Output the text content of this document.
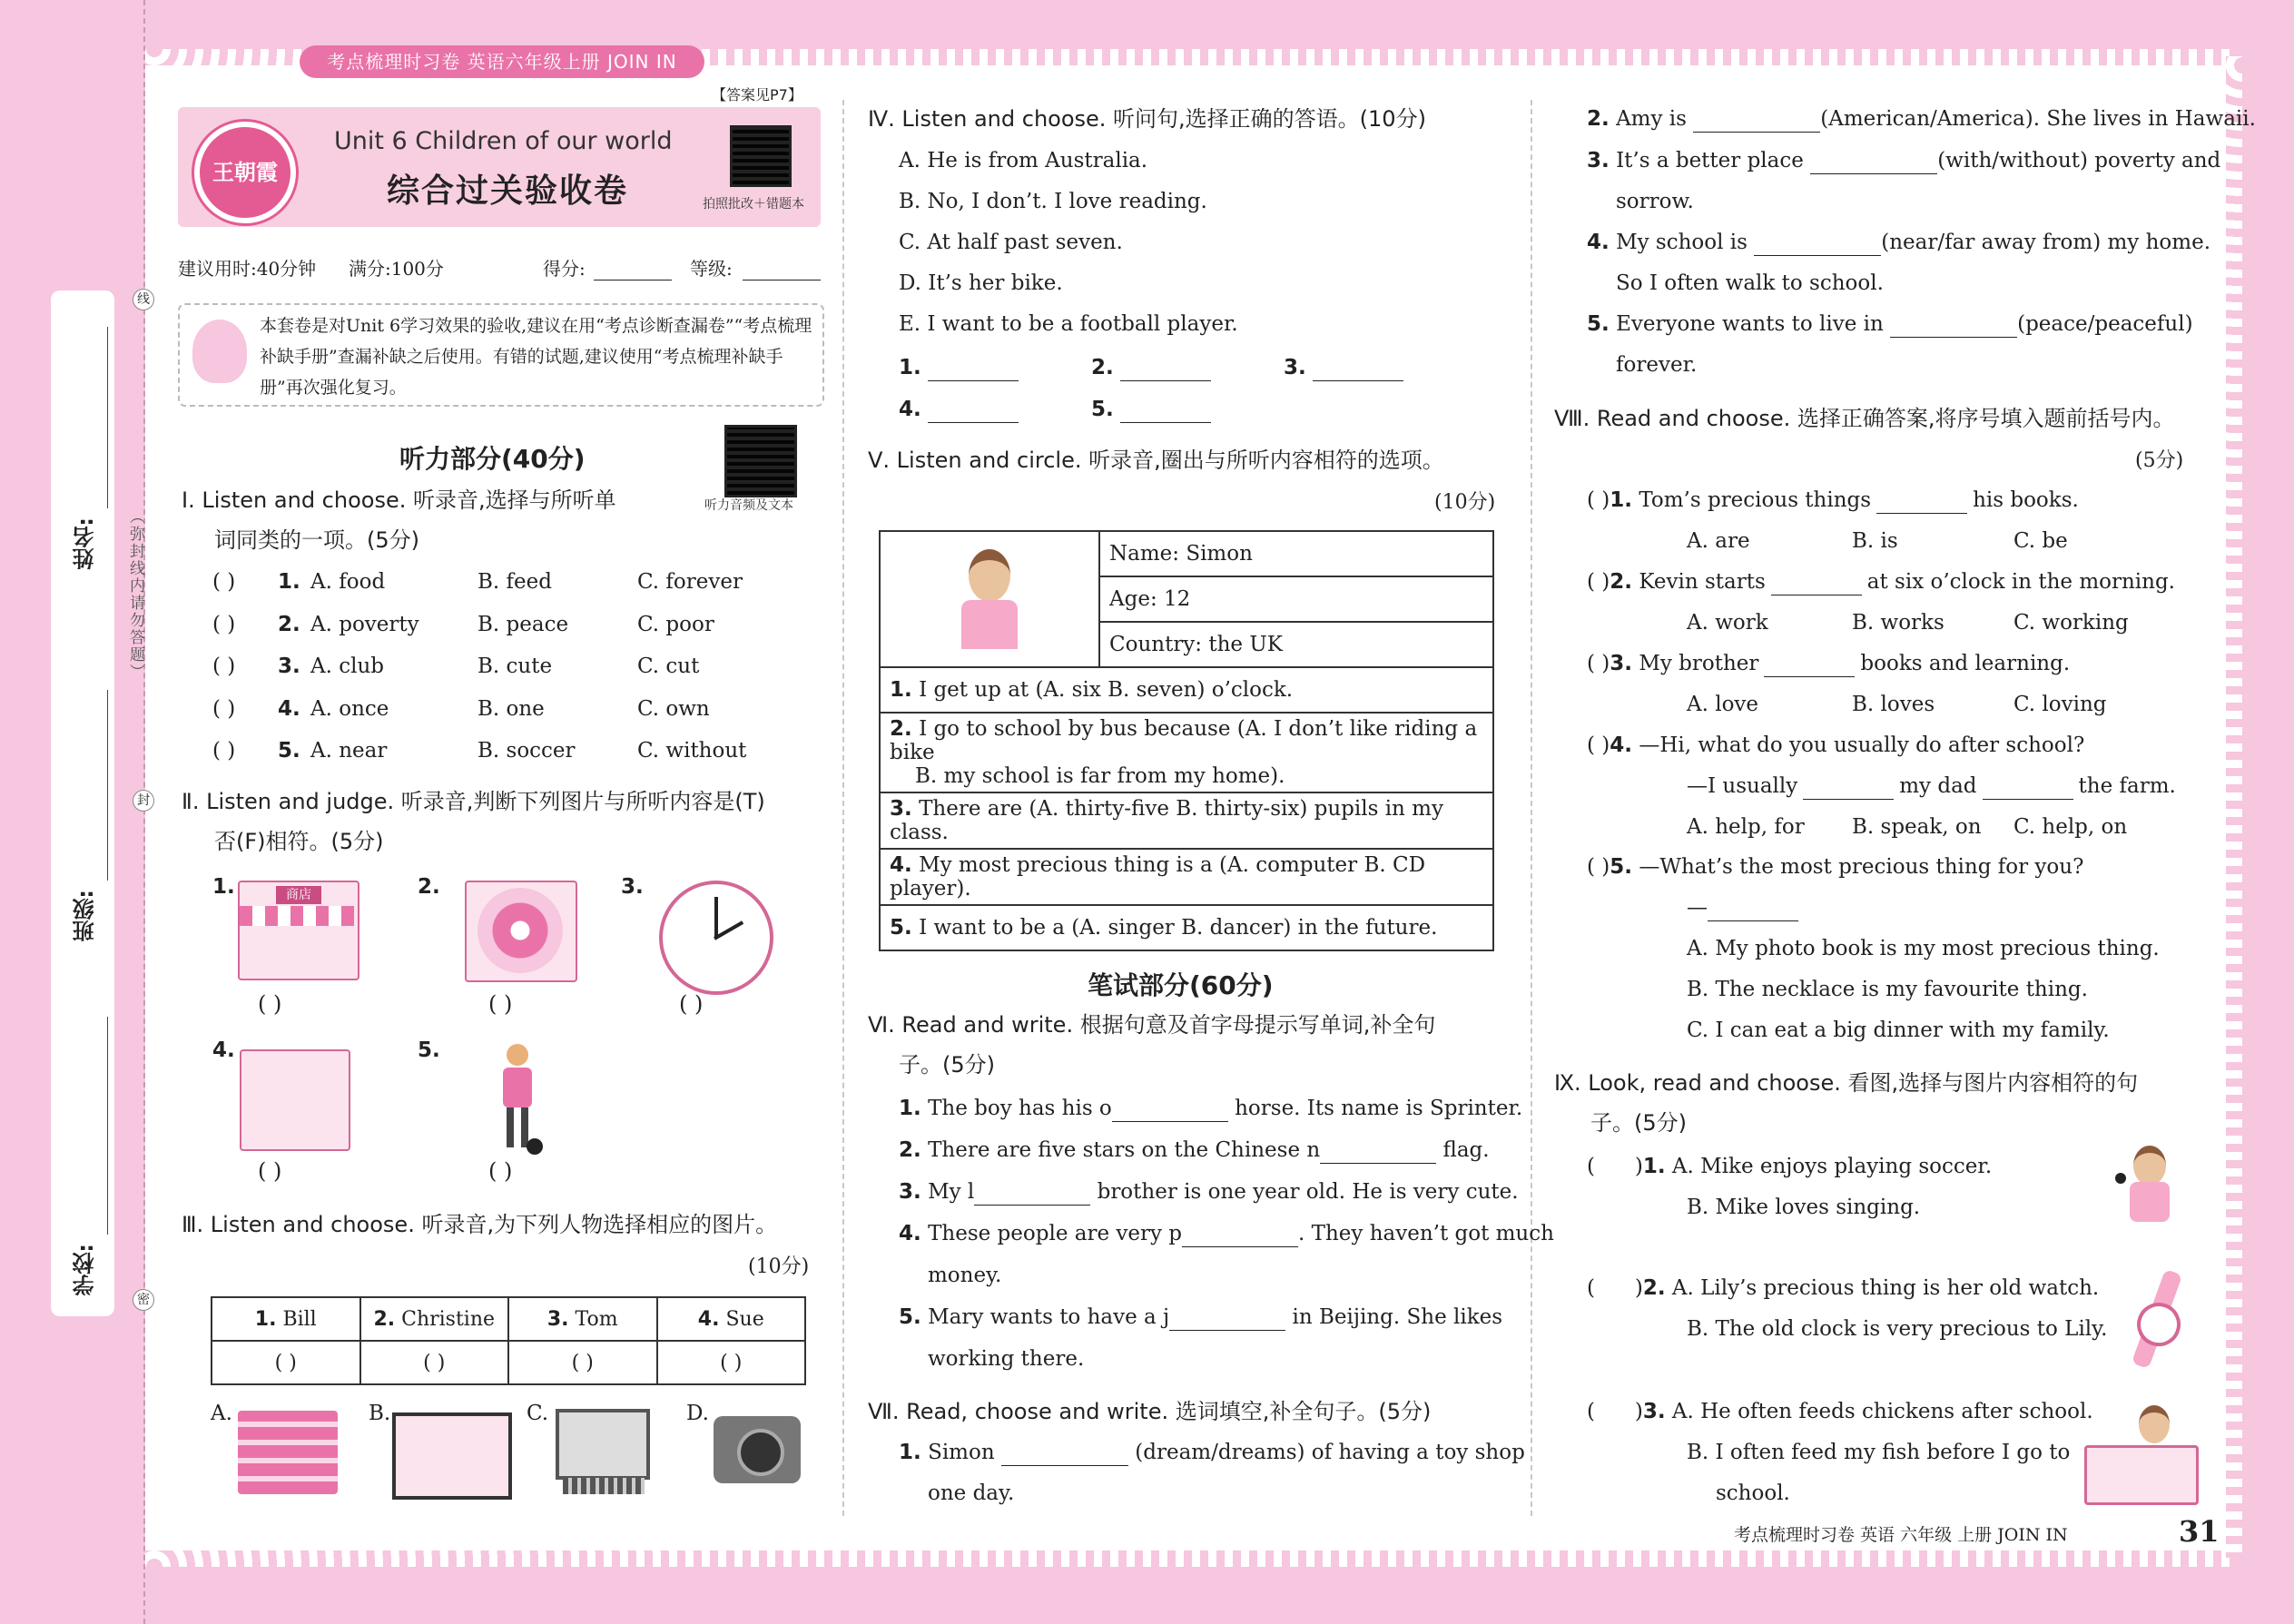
考点梳理时习卷 英语六年级上册 JOIN IN
姓名:
班级:
学校:
线
封
密
（弥封线内请勿答题）
【答案见P7】
王朝霞
Unit 6 Children of our world
综合过关验收卷	拍照批改＋错题本
建议用时:40分钟 满分:100分	得分:	等级:

本套卷是对Unit 6学习效果的验收,建议在用“考点诊断查漏卷”“考点梳理补缺手册”查漏补缺之后使用。有错的试题,建议使用“考点梳理补缺手册”再次强化复习。

听力部分(40分)
听力音频及文本
Ⅰ. Listen and choose. 听录音,选择与所听单
词同类的一项。(5分)
( ) 1. A. food	B. feed	C. forever
( ) 2. A. poverty	B. peace	C. poor
( ) 3. A. club	B. cute	C. cut
( ) 4. A. once	B. one	C. own
( ) 5. A. near	B. soccer	C. without
Ⅱ. Listen and judge. 听录音,判断下列图片与所听内容是(T)
否(F)相符。(5分)
1.	商店
( )
2.
( )
3.
( )
4.
( )
5.
( )
Ⅲ. Listen and choose. 听录音,为下列人物选择相应的图片。
(10分)
1. Bill	2. Christine	3. Tom	4. Sue
( )	( )	( )	( )
A.	B.	C.	D.
Ⅳ. Listen and choose. 听问句,选择正确的答语。(10分)
A. He is from Australia.
B. No, I don’t. I love reading.
C. At half past seven.
D. It’s her bike.
E. I want to be a football player.
1.	2.	3.
4.	5.
Ⅴ. Listen and circle. 听录音,圈出与所听内容相符的选项。
(10分)
	Name: Simon
Age: 12
Country: the UK
1. I get up at (A. six B. seven) o’clock.
2. I go to school by bus because (A. I don’t like riding a bike
B. my school is far from my home).
3. There are (A. thirty-five B. thirty-six) pupils in my class.
4. My most precious thing is a (A. computer B. CD player).
5. I want to be a (A. singer B. dancer) in the future.
笔试部分(60分)
Ⅵ. Read and write. 根据句意及首字母提示写单词,补全句
子。(5分)
1. The boy has his o	horse. Its name is Sprinter.
2. There are five stars on the Chinese n	flag.
3. My l	brother is one year old. He is very cute.
4. These people are very p	. They haven’t got much
money.
5. Mary wants to have a j	in Beijing. She likes
working there.
Ⅶ. Read, choose and write. 选词填空,补全句子。(5分)
1. Simon	(dream/dreams) of having a toy shop
one day.
2. Amy is	(American/America). She lives in Hawaii.
3. It’s a better place	(with/without) poverty and
sorrow.
4. My school is	(near/far away from) my home.
So I often walk to school.
5. Everyone wants to live in	(peace/peaceful)
forever.
Ⅷ. Read and choose. 选择正确答案,将序号填入题前括号内。
(5分)
( )1. Tom’s precious things	his books.
A. are	B. is	C. be
( )2. Kevin starts	at six o’clock in the morning.
A. work	B. works	C. working
( )3. My brother	books and learning.
A. love	B. loves	C. loving
( )4. —Hi, what do you usually do after school?
—I usually	my dad	the farm.
A. help, for B. speak, on C. help, on
( )5. —What’s the most precious thing for you?
—
A. My photo book is my most precious thing.
B. The necklace is my favourite thing.
C. I can eat a big dinner with my family.
Ⅸ. Look, read and choose. 看图,选择与图片内容相符的句
子。(5分)
(      )1. A. Mike enjoys playing soccer.
B. Mike loves singing.
(      )2. A. Lily’s precious thing is her old watch.
B. The old clock is very precious to Lily.
(      )3. A. He often feeds chickens after school.
B. I often feed my fish before I go to
school.
考点梳理时习卷 英语 六年级 上册 JOIN IN	31
